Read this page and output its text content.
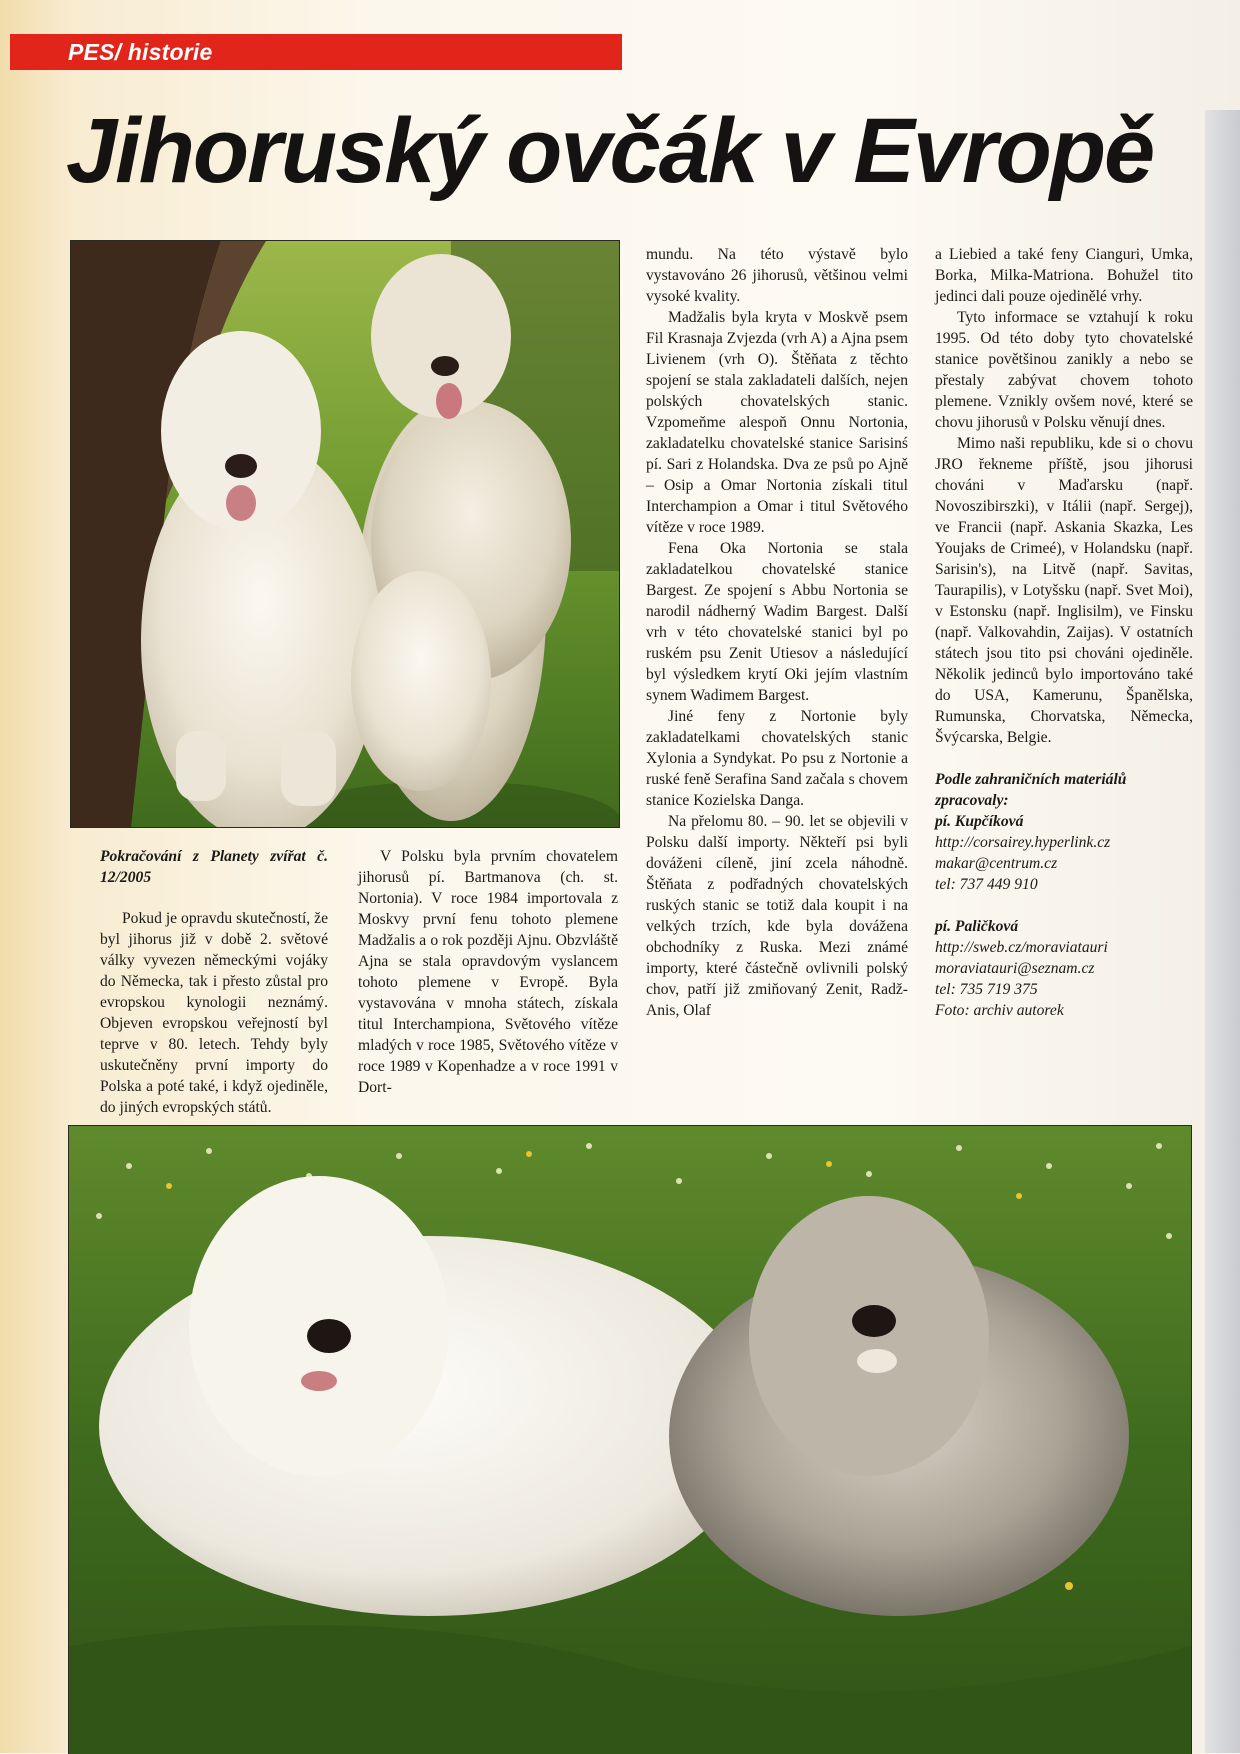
PES/ historie
Jihoruský ovčák v Evropě

Pokračování z Planety zvířat č. 12/2005

Pokud je opravdu skutečností, že byl jihorus již v době 2. světové války vyvezen německými vojáky do Německa, tak i přesto zůstal pro evropskou kynologii neznámý. Objeven evropskou veřejností byl teprve v 80. letech. Tehdy byly uskutečněny první importy do Polska a poté také, i když ojediněle, do jiných evropských států.

V Polsku byla prvním chovatelem jihorusů pí. Bartmanova (ch. st. Nortonia). V roce 1984 importovala z Moskvy první fenu tohoto plemene Madžalis a o rok později Ajnu. Obzvláště Ajna se stala opravdovým vyslancem tohoto plemene v Evropě. Byla vystavována v mnoha státech, získala titul Interchampiona, Světového vítěze mladých v roce 1985, Světového vítěze v roce 1989 v Kopenhadze a v roce 1991 v Dort-

mundu. Na této výstavě bylo vystavováno 26 jihorusů, většinou velmi vysoké kvality.

Madžalis byla kryta v Moskvě psem Fil Krasnaja Zvjezda (vrh A) a Ajna psem Livienem (vrh O). Štěňata z těchto spojení se stala zakladateli dalších, nejen polských chovatelských stanic. Vzpomeňme alespoň Onnu Nortonia, zakladatelku chovatelské stanice Sarisinś pí. Sari z Holandska. Dva ze psů po Ajně – Osip a Omar Nortonia získali titul Interchampion a Omar i titul Světového vítěze v roce 1989.

Fena Oka Nortonia se stala zakladatelkou chovatelské stanice Bargest. Ze spojení s Abbu Nortonia se narodil nádherný Wadim Bargest. Další vrh v této chovatelské stanici byl po ruském psu Zenit Utiesov a následující byl výsledkem krytí Oki jejím vlastním synem Wadimem Bargest.

Jiné feny z Nortonie byly zakladatelkami chovatelských stanic Xylonia a Syndykat. Po psu z Nortonie a ruské feně Serafina Sand začala s chovem stanice Kozielska Danga.

Na přelomu 80. – 90. let se objevili v Polsku další importy. Někteří psi byli dováženi cíleně, jiní zcela náhodně. Štěňata z podřadných chovatelských ruských stanic se totiž dala koupit i na velkých trzích, kde byla dovážena obchodníky z Ruska. Mezi známé importy, které částečně ovlivnili polský chov, patří již zmiňovaný Zenit, Radž-Anis, Olaf

a Liebied a také feny Cianguri, Umka, Borka, Milka-Matriona. Bohužel tito jedinci dali pouze ojedinělé vrhy.

Tyto informace se vztahují k roku 1995. Od této doby tyto chovatelské stanice povětšinou zanikly a nebo se přestaly zabývat chovem tohoto plemene. Vznikly ovšem nové, které se chovu jihorusů v Polsku věnují dnes.

Mimo naši republiku, kde si o chovu JRO řekneme příště, jsou jihorusi chováni v Maďarsku (např. Novoszibirszki), v Itálii (např. Sergej), ve Francii (např. Askania Skazka, Les Youjaks de Crimeé), v Holandsku (např. Sarisin's), na Litvě (např. Savitas, Taurapilis), v Lotyšsku (např. Svet Moi), v Estonsku (např. Inglisilm), ve Finsku (např. Valkovahdin, Zaijas). V ostatních státech jsou tito psi chováni ojediněle. Několik jedinců bylo importováno také do USA, Kamerunu, Španělska, Rumunska, Chorvatska, Německa, Švýcarska, Belgie.

Podle zahraničních materiálů zpracovaly:

pí. Kupčíková

http://corsairey.hyperlink.cz

makar@centrum.cz

tel: 737 449 910

pí. Paličková

http://sweb.cz/moraviatauri

moraviatauri@seznam.cz

tel: 735 719 375

Foto: archiv autorek
